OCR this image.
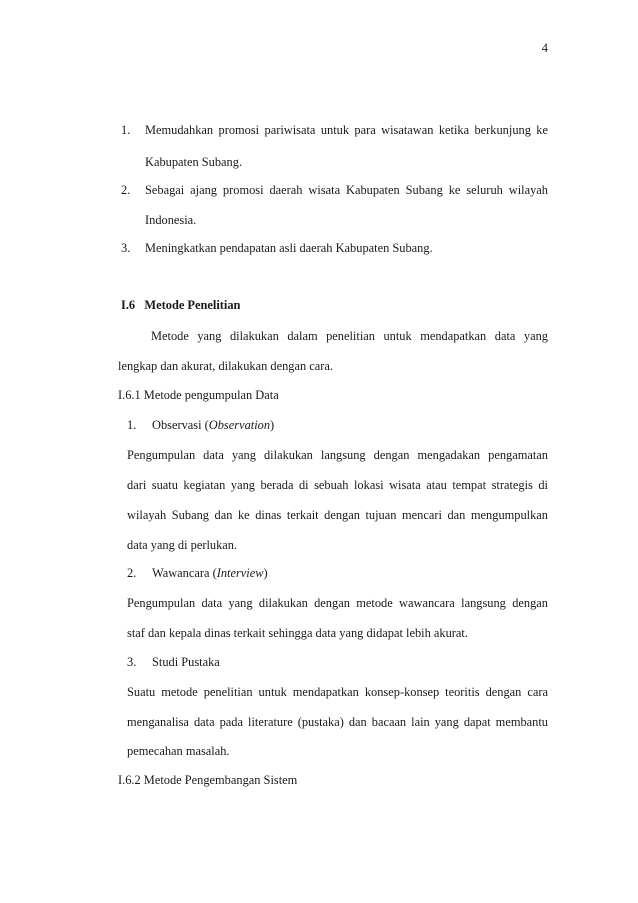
4
1. Memudahkan promosi pariwisata untuk para wisatawan ketika berkunjung ke
Kabupaten Subang.
2. Sebagai ajang promosi daerah wisata Kabupaten Subang ke seluruh wilayah
Indonesia.
3. Meningkatkan pendapatan asli daerah Kabupaten Subang.
I.6 Metode Penelitian
Metode yang dilakukan dalam penelitian untuk mendapatkan data yang
lengkap dan akurat, dilakukan dengan cara.
I.6.1 Metode pengumpulan Data
1. Observasi (Observation)
Pengumpulan data yang dilakukan langsung dengan mengadakan pengamatan
dari suatu kegiatan yang berada di sebuah lokasi wisata atau tempat strategis di
wilayah Subang dan ke dinas terkait dengan tujuan mencari dan mengumpulkan
data yang di perlukan.
2. Wawancara (Interview)
Pengumpulan data yang dilakukan dengan metode wawancara langsung dengan
staf dan kepala dinas terkait sehingga data yang didapat lebih akurat.
3. Studi Pustaka
Suatu metode penelitian untuk mendapatkan konsep-konsep teoritis dengan cara
menganalisa data pada literature (pustaka) dan bacaan lain yang dapat membantu
pemecahan masalah.
I.6.2 Metode Pengembangan Sistem
